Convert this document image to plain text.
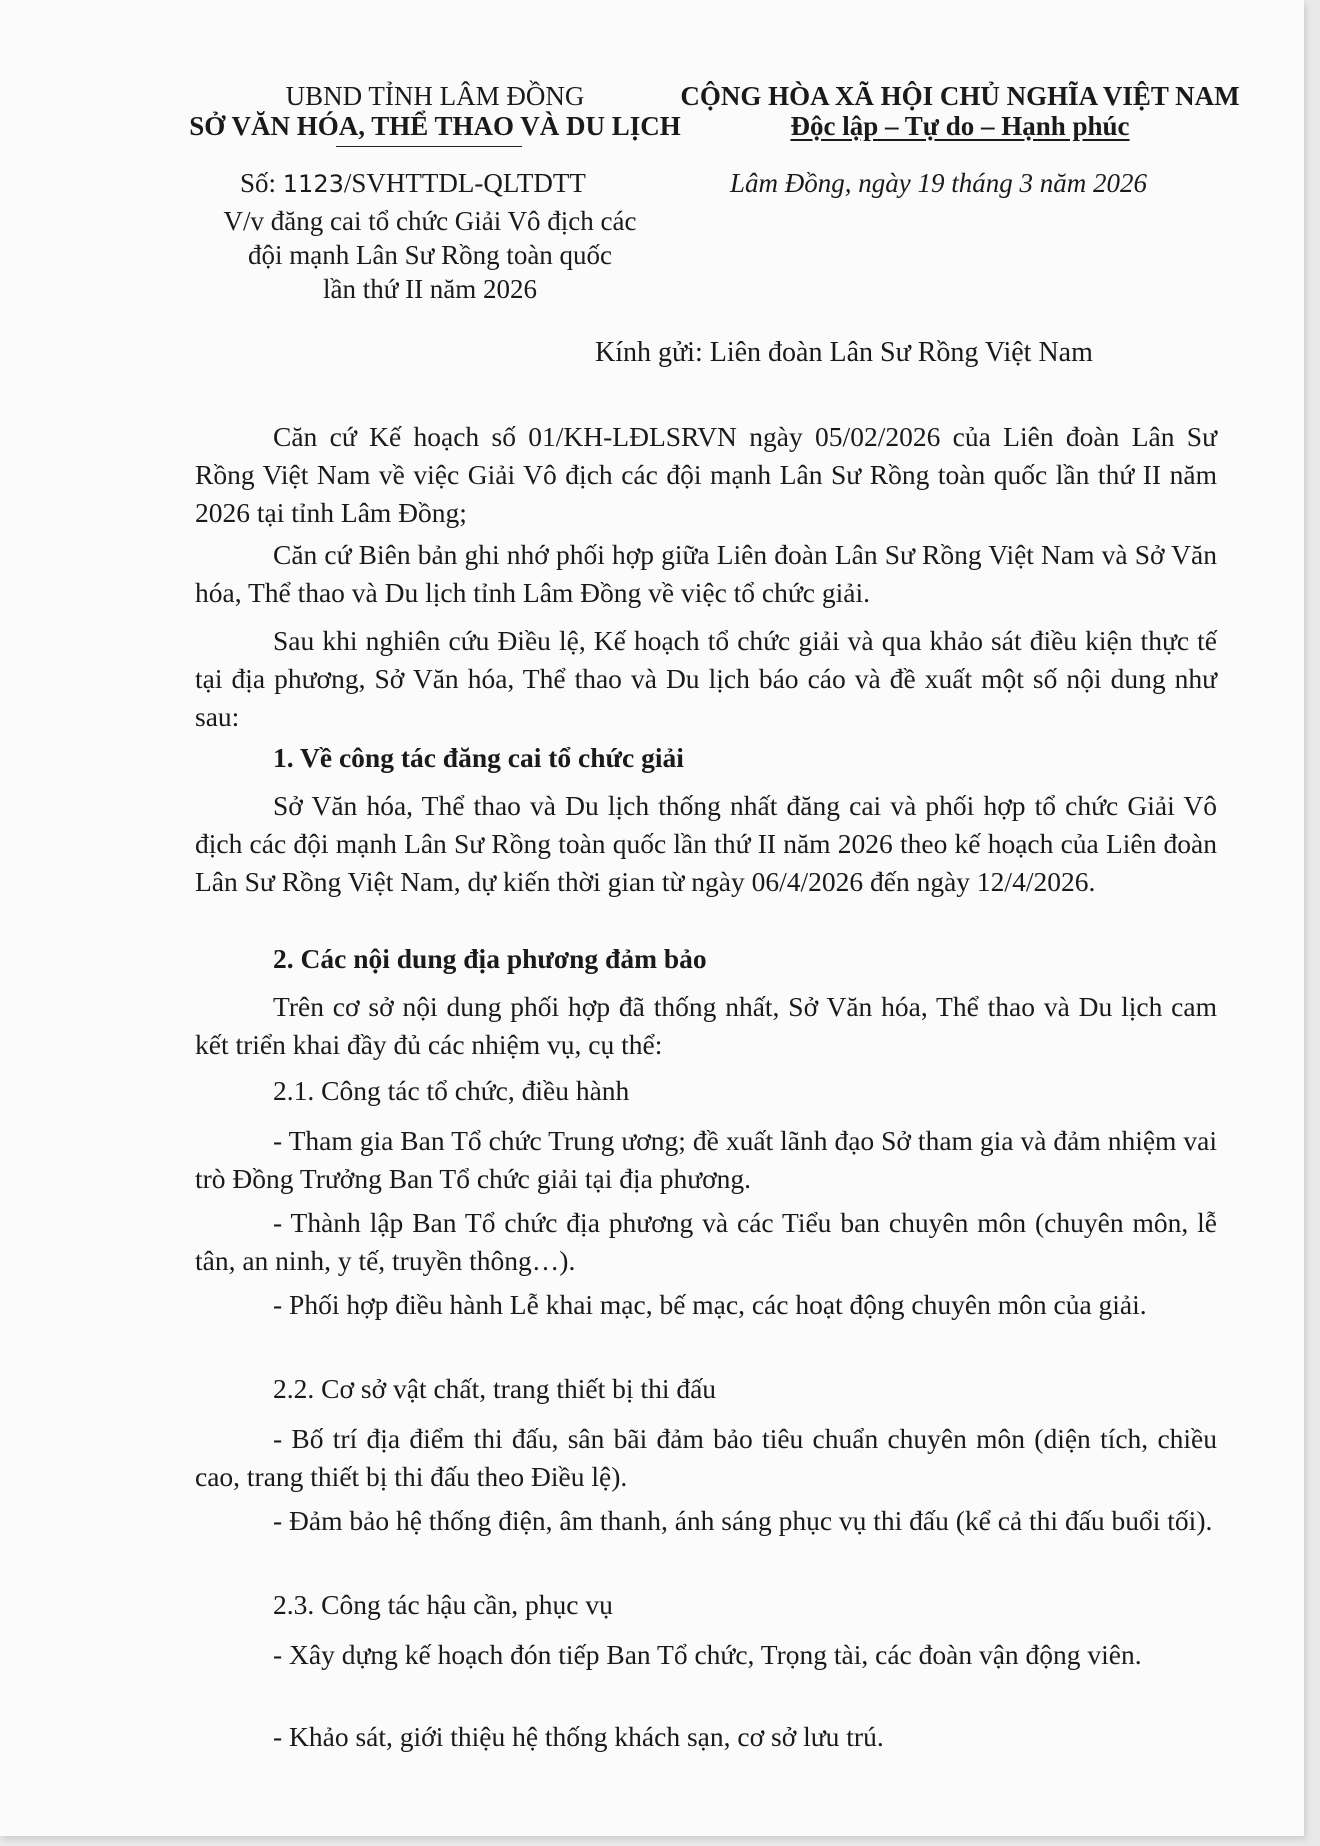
UBND TỈNH LÂM ĐỒNG
SỞ VĂN HÓA, THỂ THAO VÀ DU LỊCH
CỘNG HÒA XÃ HỘI CHỦ NGHĨA VIỆT NAM
Độc lập – Tự do – Hạnh phúc
Số: 1123/SVHTTDL-QLTDTT	Lâm Đồng, ngày 19 tháng 3 năm 2026
V/v đăng cai tổ chức Giải Vô địch các
đội mạnh Lân Sư Rồng toàn quốc
lần thứ II năm 2026
Kính gửi: Liên đoàn Lân Sư Rồng Việt Nam
Căn cứ Kế hoạch số 01/KH-LĐLSRVN ngày 05/02/2026 của Liên đoàn Lân Sư Rồng Việt Nam về việc Giải Vô địch các đội mạnh Lân Sư Rồng toàn quốc lần thứ II năm 2026 tại tỉnh Lâm Đồng;
Căn cứ Biên bản ghi nhớ phối hợp giữa Liên đoàn Lân Sư Rồng Việt Nam và Sở Văn hóa, Thể thao và Du lịch tỉnh Lâm Đồng về việc tổ chức giải.
Sau khi nghiên cứu Điều lệ, Kế hoạch tổ chức giải và qua khảo sát điều kiện thực tế tại địa phương, Sở Văn hóa, Thể thao và Du lịch báo cáo và đề xuất một số nội dung như sau:
1. Về công tác đăng cai tổ chức giải
Sở Văn hóa, Thể thao và Du lịch thống nhất đăng cai và phối hợp tổ chức Giải Vô địch các đội mạnh Lân Sư Rồng toàn quốc lần thứ II năm 2026 theo kế hoạch của Liên đoàn Lân Sư Rồng Việt Nam, dự kiến thời gian từ ngày 06/4/2026 đến ngày 12/4/2026.
2. Các nội dung địa phương đảm bảo
Trên cơ sở nội dung phối hợp đã thống nhất, Sở Văn hóa, Thể thao và Du lịch cam kết triển khai đầy đủ các nhiệm vụ, cụ thể:
2.1. Công tác tổ chức, điều hành
- Tham gia Ban Tổ chức Trung ương; đề xuất lãnh đạo Sở tham gia và đảm nhiệm vai trò Đồng Trưởng Ban Tổ chức giải tại địa phương.
- Thành lập Ban Tổ chức địa phương và các Tiểu ban chuyên môn (chuyên môn, lễ tân, an ninh, y tế, truyền thông…).
- Phối hợp điều hành Lễ khai mạc, bế mạc, các hoạt động chuyên môn của giải.
2.2. Cơ sở vật chất, trang thiết bị thi đấu
- Bố trí địa điểm thi đấu, sân bãi đảm bảo tiêu chuẩn chuyên môn (diện tích, chiều cao, trang thiết bị thi đấu theo Điều lệ).
- Đảm bảo hệ thống điện, âm thanh, ánh sáng phục vụ thi đấu (kể cả thi đấu buổi tối).
2.3. Công tác hậu cần, phục vụ
- Xây dựng kế hoạch đón tiếp Ban Tổ chức, Trọng tài, các đoàn vận động viên.
- Khảo sát, giới thiệu hệ thống khách sạn, cơ sở lưu trú.
